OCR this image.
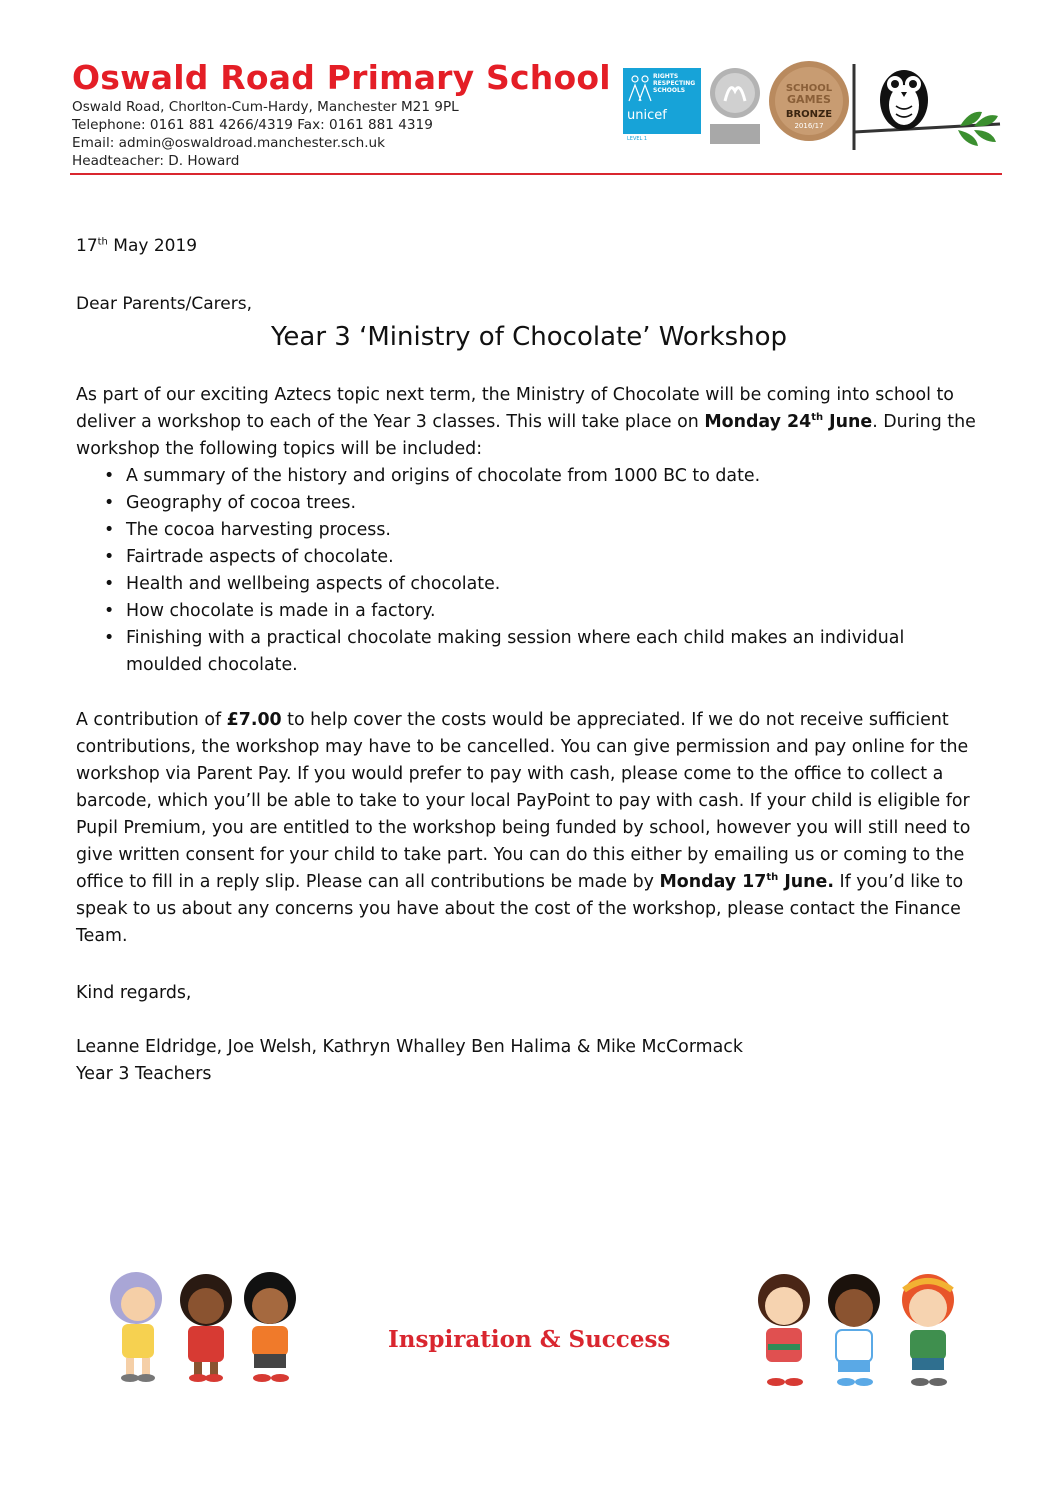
Oswald Road Primary School
Oswald Road, Chorlton-Cum-Hardy, Manchester M21 9PL
Telephone: 0161 881 4266/4319 Fax: 0161 881 4319
Email: admin@oswaldroad.manchester.sch.uk
Headteacher: D. Howard
RIGHTS RESPECTING SCHOOLS
unicef
LEVEL 1
SCHOOL
GAMES
BRONZE
2016/17
17th May 2019
Dear Parents/Carers,
Year 3 ‘Ministry of Chocolate’ Workshop
As part of our exciting Aztecs topic next term, the Ministry of Chocolate will be coming into school to deliver a workshop to each of the Year 3 classes. This will take place on Monday 24th June. During the workshop the following topics will be included:
• A summary of the history and origins of chocolate from 1000 BC to date.
• Geography of cocoa trees.
• The cocoa harvesting process.
• Fairtrade aspects of chocolate.
• Health and wellbeing aspects of chocolate.
• How chocolate is made in a factory.
• Finishing with a practical chocolate making session where each child makes an individual moulded chocolate.
A contribution of £7.00 to help cover the costs would be appreciated. If we do not receive sufficient contributions, the workshop may have to be cancelled. You can give permission and pay online for the workshop via Parent Pay. If you would prefer to pay with cash, please come to the office to collect a barcode, which you’ll be able to take to your local PayPoint to pay with cash. If your child is eligible for Pupil Premium, you are entitled to the workshop being funded by school, however you will still need to give written consent for your child to take part. You can do this either by emailing us or coming to the office to fill in a reply slip. Please can all contributions be made by Monday 17th June. If you’d like to speak to us about any concerns you have about the cost of the workshop, please contact the Finance Team.
Kind regards,
Leanne Eldridge, Joe Welsh, Kathryn Whalley Ben Halima & Mike McCormack
Year 3 Teachers
Inspiration & Success
